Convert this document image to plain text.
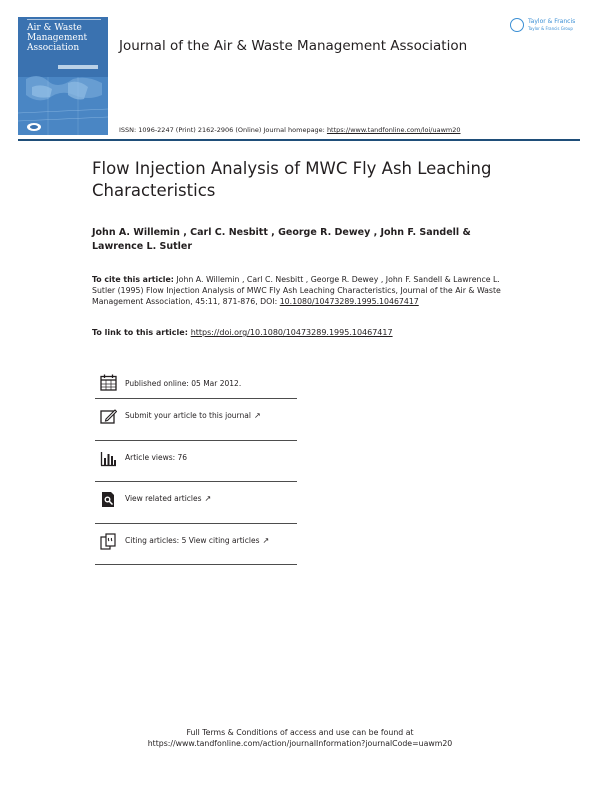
Air & Waste Management Association	Journal of the Air & Waste Management Association
Taylor & Francis
Taylor & Francis Group
ISSN: 1096-2247 (Print) 2162-2906 (Online) Journal homepage: https://www.tandfonline.com/loi/uawm20
Flow Injection Analysis of MWC Fly Ash Leaching Characteristics
John A. Willemin , Carl C. Nesbitt , George R. Dewey , John F. Sandell & Lawrence L. Sutler
To cite this article: John A. Willemin , Carl C. Nesbitt , George R. Dewey , John F. Sandell & Lawrence L. Sutler (1995) Flow Injection Analysis of MWC Fly Ash Leaching Characteristics, Journal of the Air & Waste Management Association, 45:11, 871-876, DOI: 10.1080/10473289.1995.10467417
To link to this article: https://doi.org/10.1080/10473289.1995.10467417
Published online: 05 Mar 2012.
Submit your article to this journal ↗
Article views: 76
View related articles ↗
Citing articles: 5 View citing articles ↗
Full Terms & Conditions of access and use can be found at
https://www.tandfonline.com/action/journalInformation?journalCode=uawm20
